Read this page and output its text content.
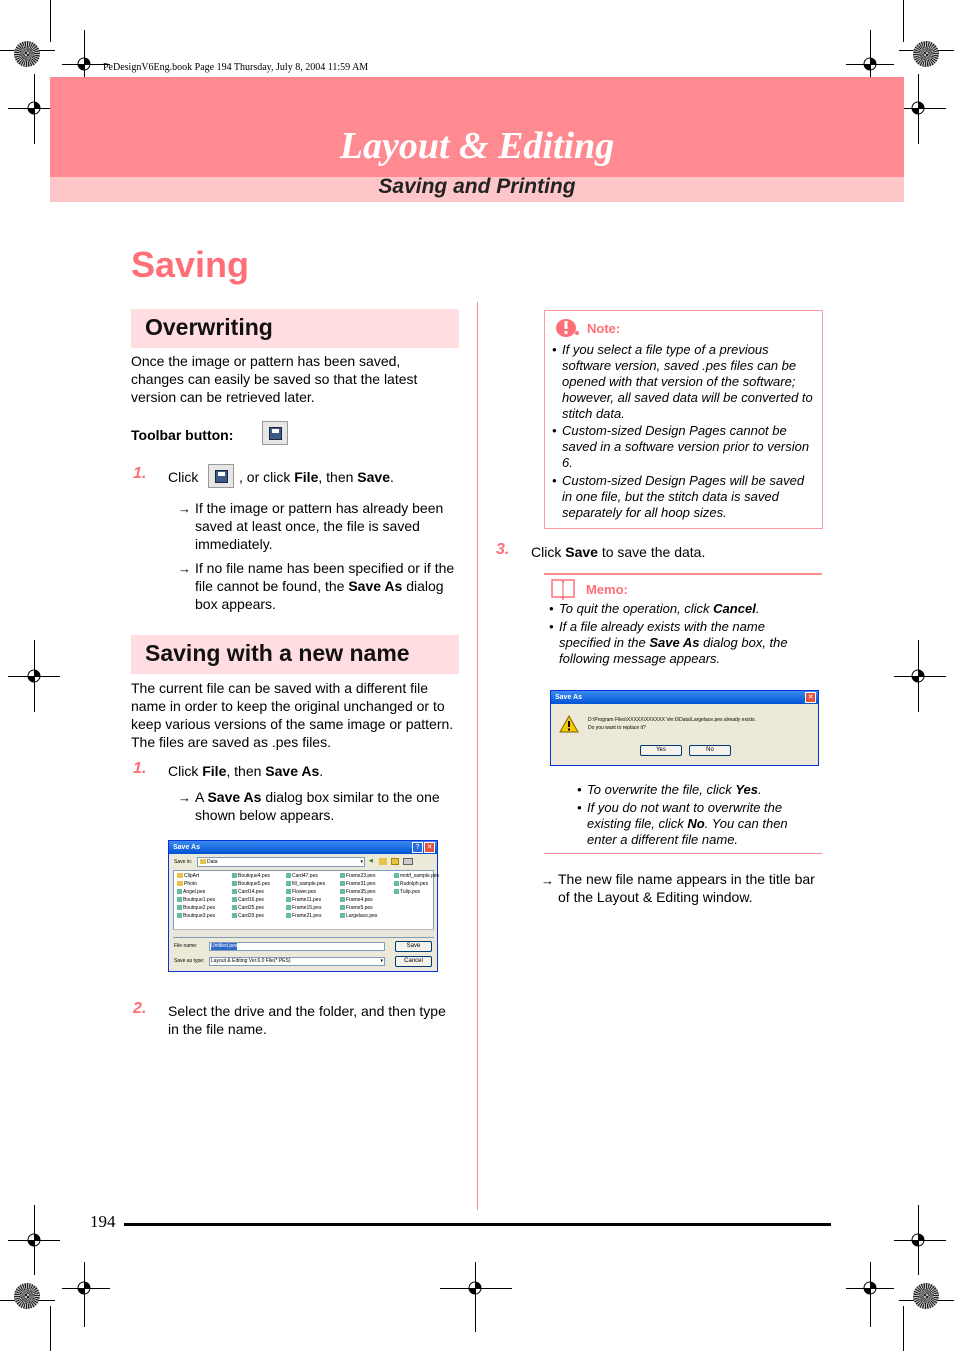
PeDesignV6Eng.book Page 194 Thursday, July 8, 2004 11:59 AM
Layout & Editing
Saving and Printing
Saving
Overwriting
Once the image or pattern has been saved, changes can easily be saved so that the latest version can be retrieved later.
Toolbar button:
1. Click	, or click File, then Save.
→ If the image or pattern has already been saved at least once, the file is saved immediately.
→ If no file name has been specified or if the file cannot be found, the Save As dialog box appears.
Saving with a new name
The current file can be saved with a different file name in order to keep the original unchanged or to keep various versions of the same image or pattern. The files are saved as .pes files.
1. Click File, then Save As.
→ A Save As dialog box similar to the one shown below appears.
Save As	?	✕
Save in:	Data	▾ ◀
ClipArt	Boutique4.pes	Card47.pes	Frame23.pes	motif_sample.pes
Photo	Boutique5.pes	fill_sample.pes	Frame31.pes	Rudolph.pes
Angel.pes	Card14.pes	Flower.pes	Frame35.pes	Tulip.pes
Boutique1.pes	Card16.pes	Frame11.pes	Frame4.pes
Boutique2.pes	Card25.pes	Frame15.pes	Frame5.pes
Boutique3.pes	Card29.pes	Frame21.pes	Largelace.pes
File name:	Untitled.pes
Save as type: Layout & Editing Ver.6.0 File(*.PES)	▾
Save
Cancel
2. Select the drive and the folder, and then type in the file name.
Note:
• If you select a file type of a previous software version, saved .pes files can be opened with that version of the software; however, all saved data will be converted to stitch data.
• Custom-sized Design Pages cannot be saved in a software version prior to version 6.
• Custom-sized Design Pages will be saved in one file, but the stitch data is saved separately for all hoop sizes.
3. Click Save to save the data.
Memo:
• To quit the operation, click Cancel.
• If a file already exists with the name specified in the Save As dialog box, the following message appears.
Save As	✕
D:\Program Files\XXXXX\XXXXXX Ver.6\Data\Largelace.pes already exists.
Do you want to replace it?
Yes	No
• To overwrite the file, click Yes.
• If you do not want to overwrite the existing file, click No. You can then enter a different file name.
→ The new file name appears in the title bar of the Layout & Editing window.
194
